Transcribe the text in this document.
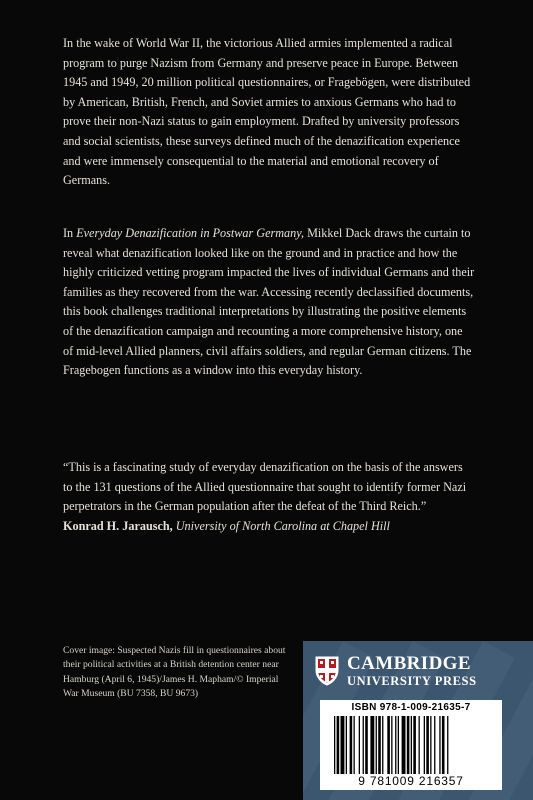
In the wake of World War II, the victorious Allied armies implemented a radical program to purge Nazism from Germany and preserve peace in Europe. Between 1945 and 1949, 20 million political questionnaires, or Fragebögen, were distributed by American, British, French, and Soviet armies to anxious Germans who had to prove their non-Nazi status to gain employment. Drafted by university professors and social scientists, these surveys defined much of the denazification experience and were immensely consequential to the material and emotional recovery of Germans.

In Everyday Denazification in Postwar Germany, Mikkel Dack draws the curtain to reveal what denazification looked like on the ground and in practice and how the highly criticized vetting program impacted the lives of individual Germans and their families as they recovered from the war. Accessing recently declassified documents, this book challenges traditional interpretations by illustrating the positive elements of the denazification campaign and recounting a more comprehensive history, one of mid-level Allied planners, civil affairs soldiers, and regular German citizens. The Fragebogen functions as a window into this everyday history.

“This is a fascinating study of everyday denazification on the basis of the answers to the 131 questions of the Allied questionnaire that sought to identify former Nazi perpetrators in the German population after the defeat of the Third Reich.”

Konrad H. Jarausch, University of North Carolina at Chapel Hill

Cover image: Suspected Nazis fill in questionnaires about their political activities at a British detention center near Hamburg (April 6, 1945)/James H. Mapham/© Imperial War Museum (BU 7358, BU 9673)
CAMBRIDGE
UNIVERSITY PRESS
ISBN 978-1-009-21635-7
9 781009 216357
